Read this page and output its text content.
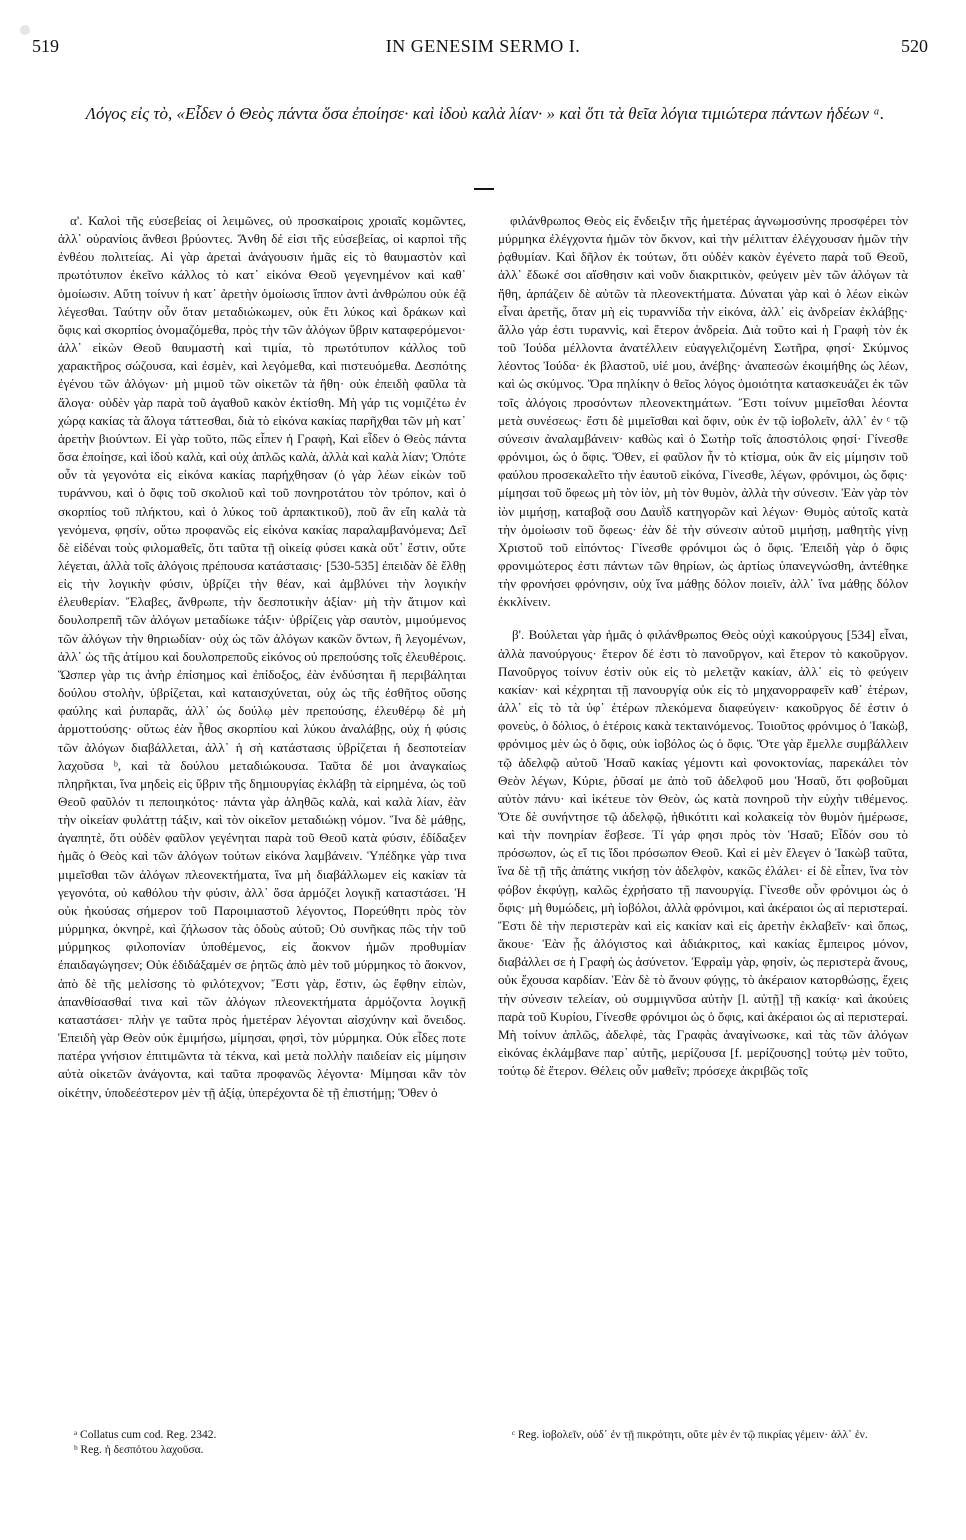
519	IN GENESIM SERMO I.	520
Λόγος εἰς τὸ, «Εἶδεν ὁ Θεὸς πάντα ὅσα ἐποίησε· καὶ ἰδοὺ καλὰ λίαν· » καὶ ὅτι τὰ θεῖα λόγια τιμιώτερα πάντων ἡδέων ᵃ.

α'. Καλοὶ τῆς εὐσεβείας οἱ λειμῶνες, οὐ προσκαίροις χροιαῖς κομῶντες, ἀλλ᾽ οὐρανίοις ἄνθεσι βρύοντες. Ἄνθη δέ εἰσι τῆς εὐσεβείας, οἱ καρποὶ τῆς ἐνθέου πολιτείας. Αἱ γὰρ ἀρεταὶ ἀνάγουσιν ἡμᾶς εἰς τὸ θαυμαστὸν καὶ πρωτότυπον ἐκεῖνο κάλλος τὸ κατ᾽ εἰκόνα Θεοῦ γεγενημένον καὶ καθ᾽ ὁμοίωσιν. Αὕτη τοίνυν ἡ κατ᾽ ἀρετὴν ὁμοίωσις ἵππον ἀντὶ ἀνθρώπου οὐκ ἐᾷ λέγεσθαι. Ταύτην οὖν ὅταν μεταδιώκωμεν, οὐκ ἔτι λύκος καὶ δράκων καὶ ὄφις καὶ σκορπίος ὀνομαζόμεθα, πρὸς τὴν τῶν ἀλόγων ὕβριν καταφερόμενοι· ἀλλ᾽ εἰκὼν Θεοῦ θαυμαστὴ καὶ τιμία, τὸ πρωτότυπον κάλλος τοῦ χαρακτῆρος σώζουσα, καὶ ἐσμὲν, καὶ λεγόμεθα, καὶ πιστευόμεθα. Δεσπότης ἐγένου τῶν ἀλόγων· μὴ μιμοῦ τῶν οἰκετῶν τὰ ἤθη· οὐκ ἐπειδὴ φαῦλα τὰ ἄλογα· οὐδὲν γὰρ παρὰ τοῦ ἀγαθοῦ κακὸν ἐκτίσθη. Μὴ γάρ τις νομιζέτω ἐν χώρᾳ κακίας τὰ ἄλογα τάττεσθαι, διὰ τὸ εἰκόνα κακίας παρῆχθαι τῶν μὴ κατ᾽ ἀρετὴν βιούντων. Εἰ γὰρ τοῦτο, πῶς εἶπεν ἡ Γραφὴ, Καὶ εἶδεν ὁ Θεὸς πάντα ὅσα ἐποίησε, καὶ ἰδοὺ καλὰ, καὶ οὐχ ἁπλῶς καλὰ, ἀλλὰ καὶ καλὰ λίαν; Ὁπότε οὖν τὰ γεγονότα εἰς εἰκόνα κακίας παρήχθησαν (ὁ γὰρ λέων εἰκὼν τοῦ τυράννου, καὶ ὁ ὄφις τοῦ σκολιοῦ καὶ τοῦ πονηροτάτου τὸν τρόπον, καὶ ὁ σκορπίος τοῦ πλήκτου, καὶ ὁ λύκος τοῦ ἁρπακτικοῦ), ποῦ ἂν εἴη καλὰ τὰ γενόμενα, φησίν, οὕτω προφανῶς εἰς εἰκόνα κακίας παραλαμβανόμενα; Δεῖ δὲ εἰδέναι τοὺς φιλομαθεῖς, ὅτι ταῦτα τῇ οἰκείᾳ φύσει κακὰ οὔτ᾽ ἔστιν, οὔτε λέγεται, ἀλλὰ τοῖς ἀλόγοις πρέπουσα κατάστασις· [530-535] ἐπειδὰν δὲ ἔλθῃ εἰς τὴν λογικὴν φύσιν, ὑβρίζει τὴν θέαν, καὶ ἀμβλύνει τὴν λογικὴν ἐλευθερίαν. Ἔλαβες, ἄνθρωπε, τὴν δεσποτικὴν ἀξίαν· μὴ τὴν ἄτιμον καὶ δουλοπρεπῆ τῶν ἀλόγων μεταδίωκε τάξιν· ὑβρίζεις γὰρ σαυτὸν, μιμούμενος τῶν ἀλόγων τὴν θηριωδίαν· οὐχ ὡς τῶν ἀλόγων κακῶν ὄντων, ἢ λεγομένων, ἀλλ᾽ ὡς τῆς ἀτίμου καὶ δουλοπρεποῦς εἰκόνος οὐ πρεπούσης τοῖς ἐλευθέροις. Ὥσπερ γὰρ τις ἀνὴρ ἐπίσημος καὶ ἐπίδοξος, ἐὰν ἐνδύσηται ἢ περιβάληται δούλου στολὴν, ὑβρίζεται, καὶ καταισχύνεται, οὐχ ὡς τῆς ἐσθῆτος οὔσης φαύλης καὶ ῥυπαρᾶς, ἀλλ᾽ ὡς δούλῳ μὲν πρεπούσης, ἐλευθέρῳ δὲ μὴ ἁρμοττούσης· οὕτως ἐὰν ἦθος σκορπίου καὶ λύκου ἀναλάβῃς, οὐχ ἡ φύσις τῶν ἀλόγων διαβάλλεται, ἀλλ᾽ ἡ σὴ κατάστασις ὑβρίζεται ἡ δεσποτείαν λαχοῦσα ᵇ, καὶ τὰ δούλου μεταδιώκουσα. Ταῦτα δέ μοι ἀναγκαίως πληρῆκται, ἵνα μηδεὶς εἰς ὕβριν τῆς δημιουργίας ἐκλάβῃ τὰ εἰρημένα, ὡς τοῦ Θεοῦ φαῦλόν τι πεποιηκότος· πάντα γὰρ ἀληθῶς καλὰ, καὶ καλὰ λίαν, ἐὰν τὴν οἰκείαν φυλάττῃ τάξιν, καὶ τὸν οἰκεῖον μεταδιώκῃ νόμον. Ἵνα δὲ μάθῃς, ἀγαπητὲ, ὅτι οὐδὲν φαῦλον γεγένηται παρὰ τοῦ Θεοῦ κατὰ φύσιν, ἐδίδαξεν ἡμᾶς ὁ Θεὸς καὶ τῶν ἀλόγων τούτων εἰκόνα λαμβάνειν. Ὑπέδηκε γὰρ τινα μιμεῖσθαι τῶν ἀλόγων πλεονεκτήματα, ἵνα μὴ διαβάλλωμεν εἰς κακίαν τὰ γεγονότα, οὐ καθόλου τὴν φύσιν, ἀλλ᾽ ὅσα ἁρμόζει λογικῇ καταστάσει. Ἡ οὐκ ἠκούσας σήμερον τοῦ Παροιμιαστοῦ λέγοντος, Πορεύθητι πρὸς τὸν μύρμηκα, ὀκνηρὲ, καὶ ζήλωσον τὰς ὁδοὺς αὐτοῦ; Οὐ συνῆκας πῶς τὴν τοῦ μύρμηκος φιλοπονίαν ὑποθέμενος, εἰς ἄοκνον ἡμῶν προθυμίαν ἐπαιδαγώγησεν; Οὐκ ἐδιδάξαμέν σε ῥητῶς ἀπὸ μὲν τοῦ μύρμηκος τὸ ἄοκνον, ἀπὸ δὲ τῆς μελίσσης τὸ φιλότεχνον; Ἔστι γὰρ, ἔστιν, ὡς ἔφθην εἰπὼν, ἀπανθίσασθαί τινα καὶ τῶν ἀλόγων πλεονεκτήματα ἁρμόζοντα λογικῇ καταστάσει· πλὴν γε ταῦτα πρὸς ἡμετέραν λέγονται αἰσχύνην καὶ ὄνειδος. Ἐπειδὴ γὰρ Θεὸν οὐκ ἐμιμήσω, μίμησαι, φησὶ, τὸν μύρμηκα. Οὐκ εἶδες ποτε πατέρα γνήσιον ἐπιτιμῶντα τὰ τέκνα, καὶ μετὰ πολλὴν παιδείαν εἰς μίμησιν αὐτὰ οἰκετῶν ἀνάγοντα, καὶ ταῦτα προφανῶς λέγοντα· Μίμησαι κἂν τὸν οἰκέτην, ὑποδεέστερον μὲν τῇ ἀξίᾳ, ὑπερέχοντα δὲ τῇ ἐπιστήμῃ; Ὅθεν ὁ

φιλάνθρωπος Θεὸς εἰς ἔνδειξιν τῆς ἡμετέρας ἀγνωμοσύνης προσφέρει τὸν μύρμηκα ἐλέγχοντα ἡμῶν τὸν ὄκνον, καὶ τὴν μέλιτταν ἐλέγχουσαν ἡμῶν τὴν ῥᾳθυμίαν. Καὶ δῆλον ἐκ τούτων, ὅτι οὐδὲν κακὸν ἐγένετο παρὰ τοῦ Θεοῦ, ἀλλ᾽ ἔδωκέ σοι αἴσθησιν καὶ νοῦν διακριτικὸν, φεύγειν μὲν τῶν ἀλόγων τὰ ἤθη, ἁρπάζειν δὲ αὐτῶν τὰ πλεονεκτήματα. Δύναται γὰρ καὶ ὁ λέων εἰκὼν εἶναι ἀρετῆς, ὅταν μὴ εἰς τυραννίδα τὴν εἰκόνα, ἀλλ᾽ εἰς ἀνδρείαν ἐκλάβῃς· ἄλλο γάρ ἐστι τυραννὶς, καὶ ἕτερον ἀνδρεία. Διὰ τοῦτο καὶ ἡ Γραφὴ τὸν ἐκ τοῦ Ἰούδα μέλλοντα ἀνατέλλειν εὐαγγελιζομένη Σωτῆρα, φησί· Σκύμνος λέοντος Ἰούδα· ἐκ βλαστοῦ, υἱέ μου, ἀνέβης· ἀναπεσὼν ἐκοιμήθης ὡς λέων, καὶ ὡς σκύμνος. Ὅρα πηλίκην ὁ θεῖος λόγος ὁμοιότητα κατασκευάζει ἐκ τῶν τοῖς ἀλόγοις προσόντων πλεονεκτημάτων. Ἔστι τοίνυν μιμεῖσθαι λέοντα μετὰ συνέσεως· ἔστι δὲ μιμεῖσθαι καὶ ὄφιν, οὐκ ἐν τῷ ἰοβολεῖν, ἀλλ᾽ ἐν ᶜ τῷ σύνεσιν ἀναλαμβάνειν· καθὼς καὶ ὁ Σωτὴρ τοῖς ἀποστόλοις φησί· Γίνεσθε φρόνιμοι, ὡς ὁ ὄφις. Ὅθεν, εἰ φαῦλον ἦν τὸ κτίσμα, οὐκ ἂν εἰς μίμησιν τοῦ φαύλου προσεκαλεῖτο τὴν ἑαυτοῦ εἰκόνα, Γίνεσθε, λέγων, φρόνιμοι, ὡς ὄφις· μίμησαι τοῦ ὄφεως μὴ τὸν ἰὸν, μὴ τὸν θυμὸν, ἀλλὰ τὴν σύνεσιν. Ἐὰν γὰρ τὸν ἰὸν μιμήσῃ, καταβοᾷ σου Δαυῒδ κατηγορῶν καὶ λέγων· Θυμὸς αὐτοῖς κατὰ τὴν ὁμοίωσιν τοῦ ὄφεως· ἐὰν δὲ τὴν σύνεσιν αὐτοῦ μιμήσῃ, μαθητὴς γίνῃ Χριστοῦ τοῦ εἰπόντος· Γίνεσθε φρόνιμοι ὡς ὁ ὄφις. Ἐπειδὴ γὰρ ὁ ὄφις φρονιμώτερος ἐστι πάντων τῶν θηρίων, ὡς ἀρτίως ὑπανεγνώσθη, ἀντέθηκε τὴν φρονήσει φρόνησιν, οὐχ ἵνα μάθῃς δόλον ποιεῖν, ἀλλ᾽ ἵνα μάθῃς δόλον ἐκκλίνειν.

β'. Βούλεται γὰρ ἡμᾶς ὁ φιλάνθρωπος Θεὸς οὐχὶ κακούργους [534] εἶναι, ἀλλὰ πανούργους· ἕτερον δέ ἐστι τὸ πανοῦργον, καὶ ἕτερον τὸ κακοῦργον. Πανοῦργος τοίνυν ἐστὶν οὐκ εἰς τὸ μελετᾷν κακίαν, ἀλλ᾽ εἰς τὸ φεύγειν κακίαν· καὶ κέχρηται τῇ πανουργίᾳ οὐκ εἰς τὸ μηχανορραφεῖν καθ᾽ ἑτέρων, ἀλλ᾽ εἰς τὸ τὰ ὑφ᾽ ἑτέρων πλεκόμενα διαφεύγειν· κακοῦργος δέ ἐστιν ὁ φονεὺς, ὁ δόλιος, ὁ ἑτέροις κακὰ τεκταινόμενος. Τοιοῦτος φρόνιμος ὁ Ἰακὼβ, φρόνιμος μὲν ὡς ὁ ὄφις, οὐκ ἰοβόλος ὡς ὁ ὄφις. Ὅτε γὰρ ἔμελλε συμβάλλειν τῷ ἀδελφῷ αὐτοῦ Ἡσαῦ κακίας γέμοντι καὶ φονοκτονίας, παρεκάλει τὸν Θεὸν λέγων, Κύριε, ῥῦσαί με ἀπὸ τοῦ ἀδελφοῦ μου Ἡσαῦ, ὅτι φοβοῦμαι αὐτὸν πάνυ· καὶ ἱκέτευε τὸν Θεὸν, ὡς κατὰ πονηροῦ τὴν εὐχὴν τιθέμενος. Ὅτε δὲ συνήντησε τῷ ἀδελφῷ, ἠθικότιτι καὶ κολακείᾳ τὸν θυμὸν ἡμέρωσε, καὶ τὴν πονηρίαν ἔσβεσε. Τί γάρ φησι πρὸς τὸν Ἡσαῦ; Εἶδόν σου τὸ πρόσωπον, ὡς εἴ τις ἴδοι πρόσωπον Θεοῦ. Καὶ εἰ μὲν ἔλεγεν ὁ Ἰακὼβ ταῦτα, ἵνα δὲ τῇ τῆς ἀπάτης νικήσῃ τὸν ἀδελφὸν, κακῶς ἐλάλει· εἰ δὲ εἶπεν, ἵνα τὸν φόβον ἐκφύγῃ, καλῶς ἐχρήσατο τῇ πανουργίᾳ. Γίνεσθε οὖν φρόνιμοι ὡς ὁ ὄφις· μὴ θυμώδεις, μὴ ἰοβόλοι, ἀλλὰ φρόνιμοι, καὶ ἀκέραιοι ὡς αἱ περιστεραί. Ἔστι δὲ τὴν περιστερὰν καὶ εἰς κακίαν καὶ εἰς ἀρετὴν ἐκλαβεῖν· καὶ ὅπως, ἄκουε· Ἐὰν ᾖς ἀλόγιστος καὶ ἀδιάκριτος, καὶ κακίας ἔμπειρος μόνον, διαβάλλει σε ἡ Γραφὴ ὡς ἀσύνετον. Ἐφραὶμ γὰρ, φησίν, ὡς περιστερὰ ἄνους, οὐκ ἔχουσα καρδίαν. Ἐὰν δὲ τὸ ἄνουν φύγῃς, τὸ ἀκέραιον κατορθώσῃς, ἔχεις τὴν σύνεσιν τελείαν, οὐ συμμιγνῦσα αὐτὴν [l. αὐτῇ] τῇ κακίᾳ· καὶ ἀκούεις παρὰ τοῦ Κυρίου, Γίνεσθε φρόνιμοι ὡς ὁ ὄφις, καὶ ἀκέραιοι ὡς αἱ περιστεραί. Μὴ τοίνυν ἁπλῶς, ἀδελφὲ, τὰς Γραφὰς ἀναγίνωσκε, καὶ τὰς τῶν ἀλόγων εἰκόνας ἐκλάμβανε παρ᾽ αὐτῆς, μερίζουσα [f. μερίζουσης] τούτῳ μὲν τοῦτο, τούτῳ δὲ ἕτερον. Θέλεις οὖν μαθεῖν; πρόσεχε ἀκριβῶς τοῖς

ᵃ Collatus cum cod. Reg. 2342.
ᵇ Reg. ἡ δεσπότου λαχοῦσα.
ᶜ Reg. ἰοβολεῖν, οὐδ᾽ ἐν τῇ πικρότητι, οὔτε μὲν ἐν τῷ πικρίας γέμειν· ἀλλ᾽ ἐν.
